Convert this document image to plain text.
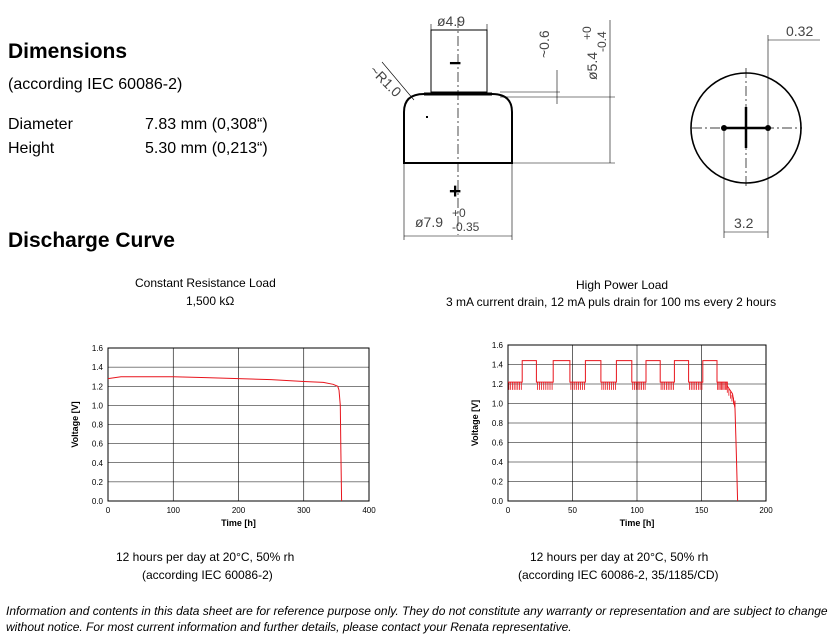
Dimensions
(according IEC 60086-2)
Diameter	7.83 mm (0,308“)
Height	5.30 mm (0,213“)
ø4.9
−
~R1.0
~0.6
ø5.4
+0 -0.4
+
ø7.9
+0
-0.35
0.32
3.2
Discharge Curve
Constant Resistance Load
1,500 kΩ
0.0
0.2
0.4
0.6
0.8
1.0
1.2
1.4
1.6
0	100	200	300	400
Time [h]
Voltage [V]
12 hours per day at 20°C, 50% rh
(according IEC 60086-2)
High Power Load
3 mA current drain, 12 mA puls drain for 100 ms every 2 hours
0.0
0.2
0.4
0.6
0.8
1.0
1.2
1.4
1.6
0	50	100	150	200
Time [h]
Voltage [V]
12 hours per day at 20°C, 50% rh
(according IEC 60086-2, 35/1185/CD)
Information and contents in this data sheet are for reference purpose only. They do not constitute any warranty or representation and are subject to change without notice. For most current information and further details, please contact your Renata representative.
